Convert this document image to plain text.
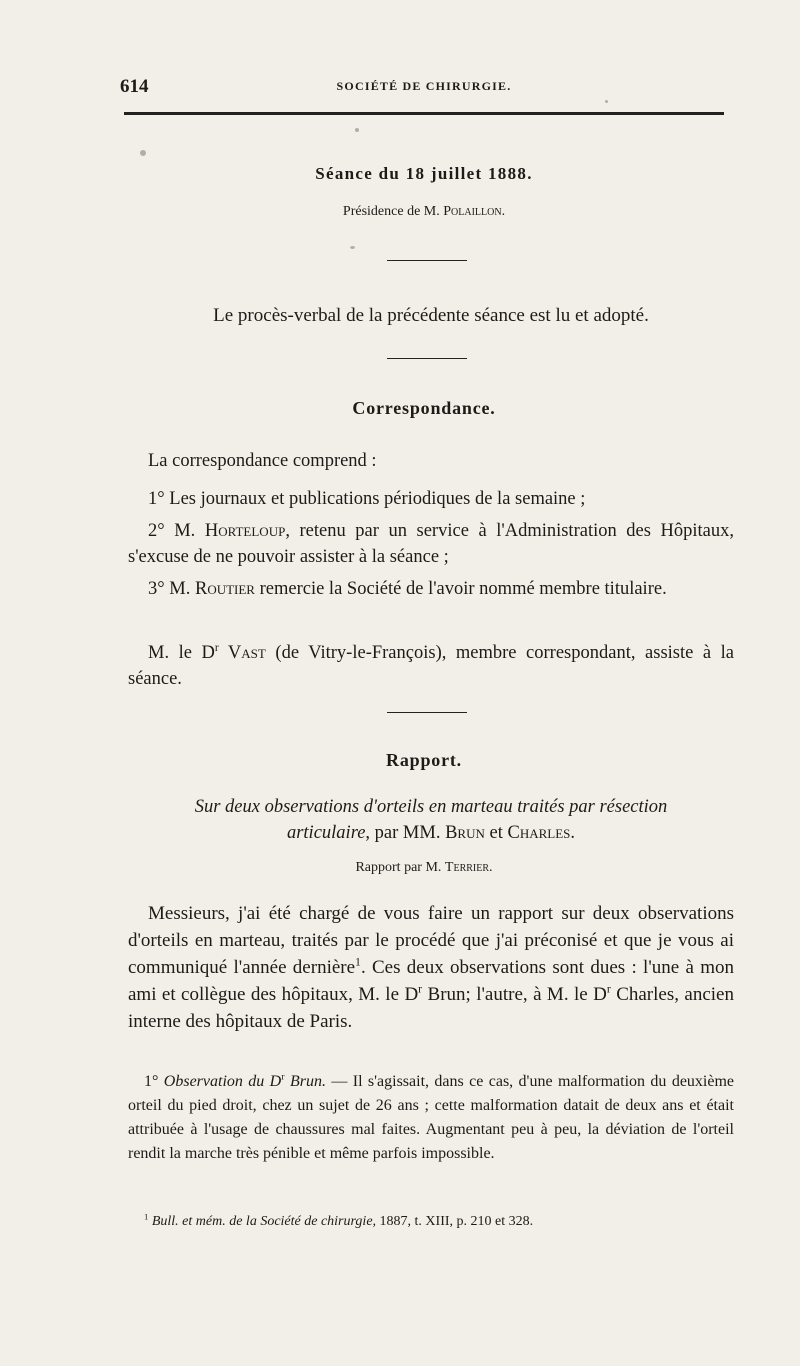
614	SOCIÉTÉ DE CHIRURGIE.
Séance du 18 juillet 1888.
Présidence de M. Polaillon.
Le procès-verbal de la précédente séance est lu et adopté.
Correspondance.
La correspondance comprend :
1° Les journaux et publications périodiques de la semaine ;
2° M. Horteloup, retenu par un service à l'Administration des Hôpitaux, s'excuse de ne pouvoir assister à la séance ;
3° M. Routier remercie la Société de l'avoir nommé membre titulaire.
M. le $D^r$ Vast (de Vitry-le-François), membre correspondant, assiste à la séance.
Rapport.
Sur deux observations d'orteils en marteau traités par résection
articulaire, par MM. Brun et Charles.
Rapport par M. Terrier.
Messieurs, j'ai été chargé de vous faire un rapport sur deux observations d'orteils en marteau, traités par le procédé que j'ai préconisé et que je vous ai communiqué l'année dernière$^1$. Ces deux observations sont dues : l'une à mon ami et collègue des hôpitaux, M. le $D^r$ Brun; l'autre, à M. le $D^r$ Charles, ancien interne des hôpitaux de Paris.
1° Observation du $D^r$ Brun. — Il s'agissait, dans ce cas, d'une malformation du deuxième orteil du pied droit, chez un sujet de 26 ans ; cette malformation datait de deux ans et était attribuée à l'usage de chaussures mal faites. Augmentant peu à peu, la déviation de l'orteil rendit la marche très pénible et même parfois impossible.
$^1$ Bull. et mém. de la Société de chirurgie, 1887, t. XIII, p. 210 et 328.
